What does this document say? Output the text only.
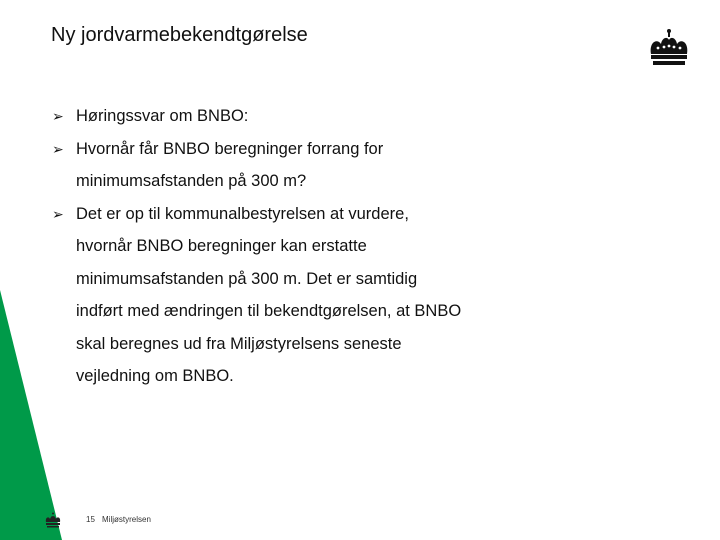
Ny jordvarmebekendtgørelse
➢ Høringssvar om BNBO:
➢ Hvornår får BNBO beregninger forrang for
minimumsafstanden på 300 m?
➢ Det er op til kommunalbestyrelsen at vurdere,
hvornår BNBO beregninger kan erstatte
minimumsafstanden på 300 m. Det er samtidig
indført med ændringen til bekendtgørelsen, at BNBO
skal beregnes ud fra Miljøstyrelsens seneste
vejledning om BNBO.
15 Miljøstyrelsen
